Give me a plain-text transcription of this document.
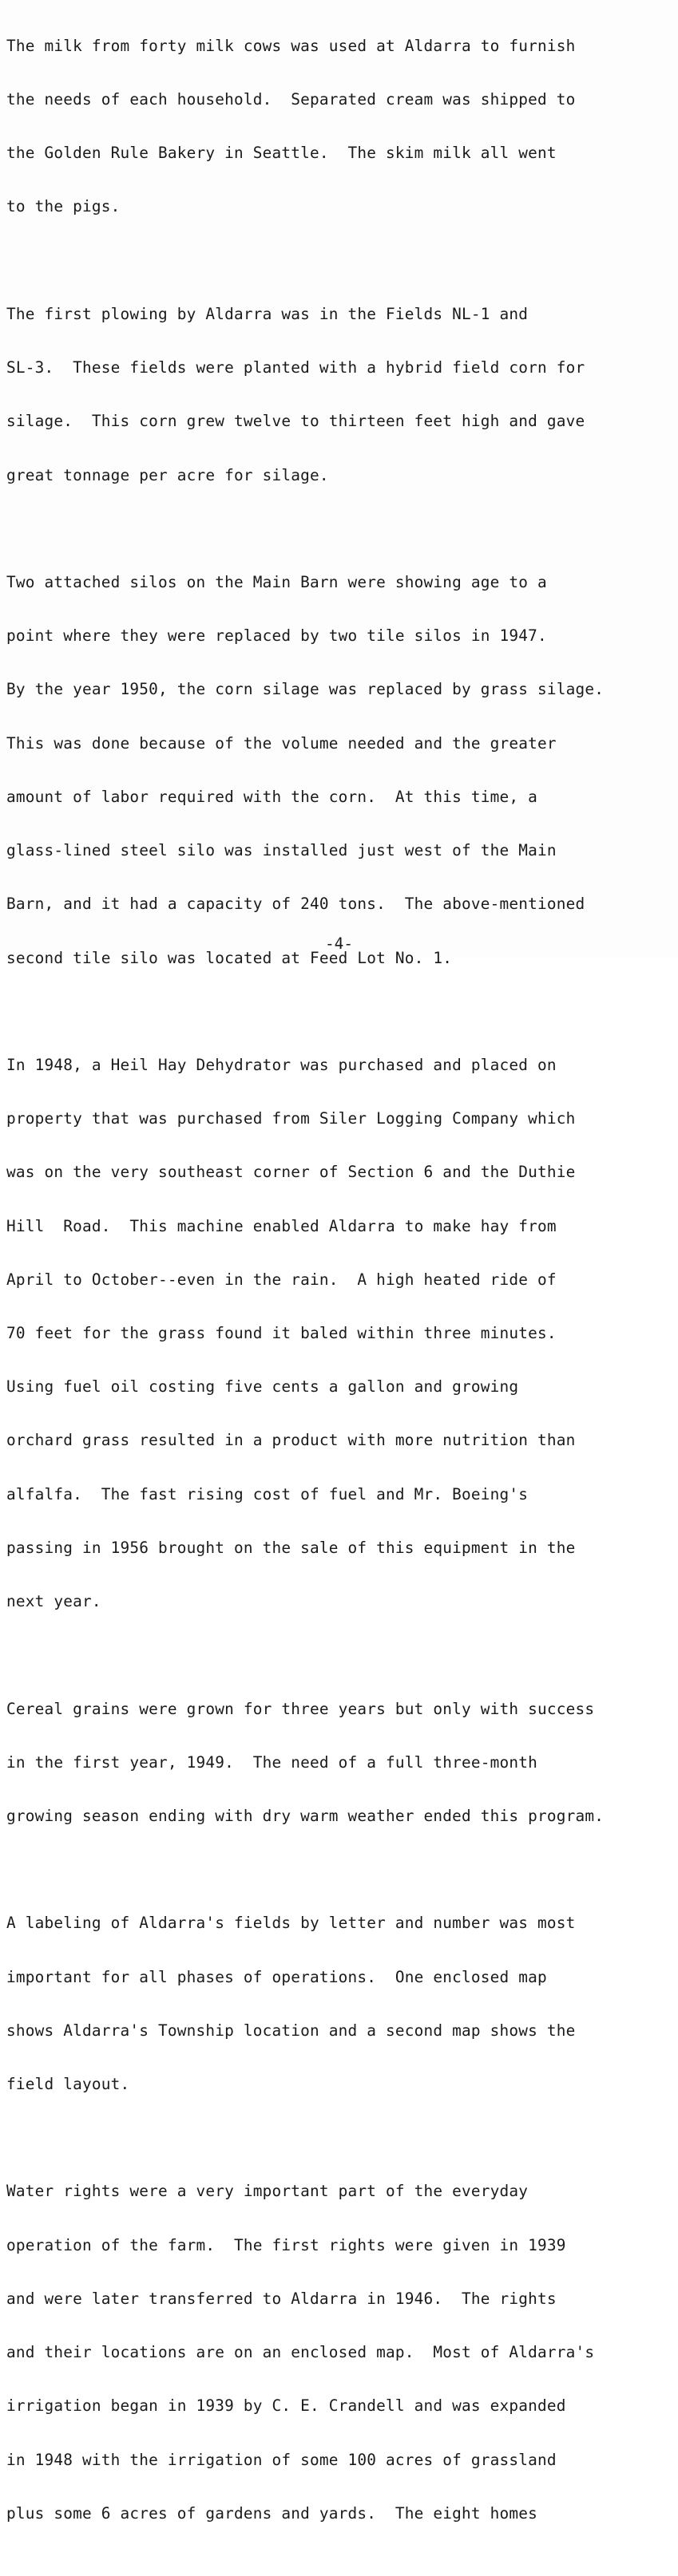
The milk from forty milk cows was used at Aldarra to furnish

the needs of each household.  Separated cream was shipped to

the Golden Rule Bakery in Seattle.  The skim milk all went

to the pigs.

The first plowing by Aldarra was in the Fields NL-1 and

SL-3.  These fields were planted with a hybrid field corn for

silage.  This corn grew twelve to thirteen feet high and gave

great tonnage per acre for silage.

Two attached silos on the Main Barn were showing age to a

point where they were replaced by two tile silos in 1947.

By the year 1950, the corn silage was replaced by grass silage.

This was done because of the volume needed and the greater

amount of labor required with the corn.  At this time, a

glass-lined steel silo was installed just west of the Main

Barn, and it had a capacity of 240 tons.  The above-mentioned

second tile silo was located at Feed Lot No. 1.

In 1948, a Heil Hay Dehydrator was purchased and placed on

property that was purchased from Siler Logging Company which

was on the very southeast corner of Section 6 and the Duthie

Hill  Road.  This machine enabled Aldarra to make hay from

April to October--even in the rain.  A high heated ride of

70 feet for the grass found it baled within three minutes.

Using fuel oil costing five cents a gallon and growing

orchard grass resulted in a product with more nutrition than

alfalfa.  The fast rising cost of fuel and Mr. Boeing's

passing in 1956 brought on the sale of this equipment in the

next year.

Cereal grains were grown for three years but only with success

in the first year, 1949.  The need of a full three-month

growing season ending with dry warm weather ended this program.

A labeling of Aldarra's fields by letter and number was most

important for all phases of operations.  One enclosed map

shows Aldarra's Township location and a second map shows the

field layout.

Water rights were a very important part of the everyday

operation of the farm.  The first rights were given in 1939

and were later transferred to Aldarra in 1946.  The rights

and their locations are on an enclosed map.  Most of Aldarra's

irrigation began in 1939 by C. E. Crandell and was expanded

in 1948 with the irrigation of some 100 acres of grassland

plus some 6 acres of gardens and yards.  The eight homes

-4-
